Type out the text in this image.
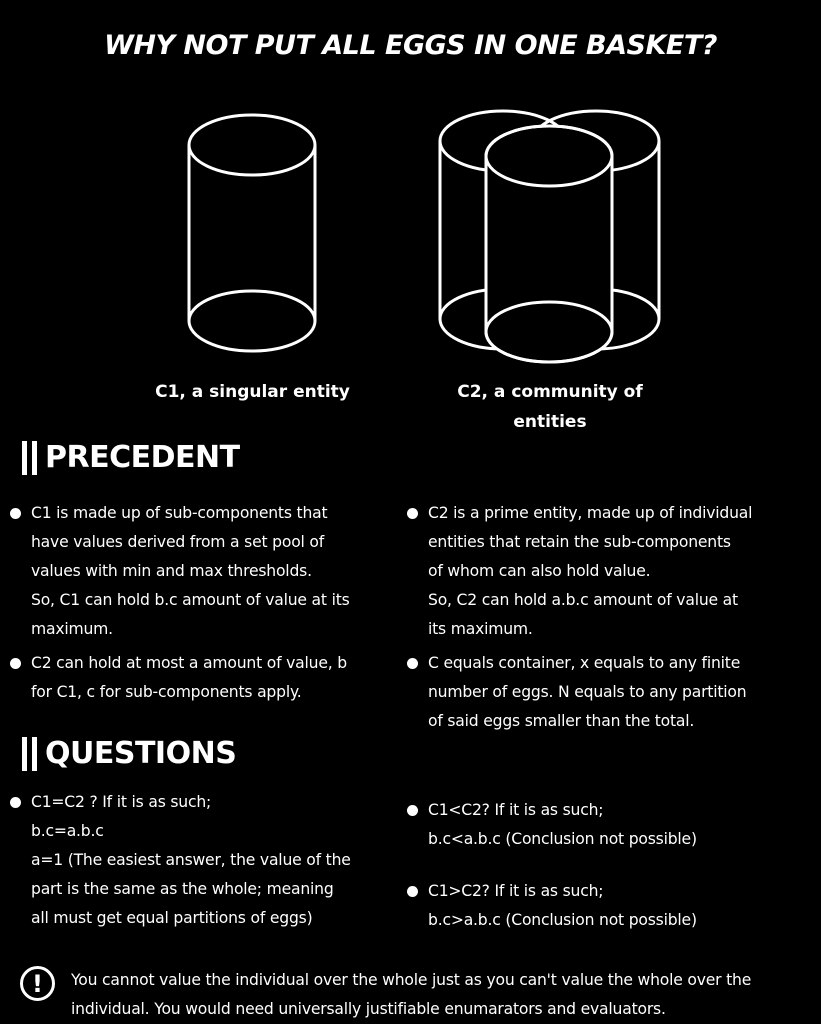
WHY NOT PUT ALL EGGS IN ONE BASKET?
C1, a singular entity	C2, a community of
entities
PRECEDENT

C1 is made up of sub-components that

have values derived from a set pool of

values with min and max thresholds.

So, C1 can hold b.c amount of value at its

maximum.

C2 is a prime entity, made up of individual

entities that retain the sub-components

of whom can also hold value.

So, C2 can hold a.b.c amount of value at

its maximum.

C2 can hold at most a amount of value, b

for C1, c for sub-components apply.

C equals container, x equals to any finite

number of eggs. N equals to any partition

of said eggs smaller than the total.

QUESTIONS

C1=C2 ? If it is as such;

b.c=a.b.c

a=1 (The easiest answer, the value of the

part is the same as the whole; meaning

all must get equal partitions of eggs)

C1<C2? If it is as such;

b.c<a.b.c (Conclusion not possible)

C1>C2? If it is as such;

b.c>a.b.c (Conclusion not possible)

! You cannot value the individual over the whole just as you can't value the whole over the
individual. You would need universally justifiable enumarators and evaluators.
